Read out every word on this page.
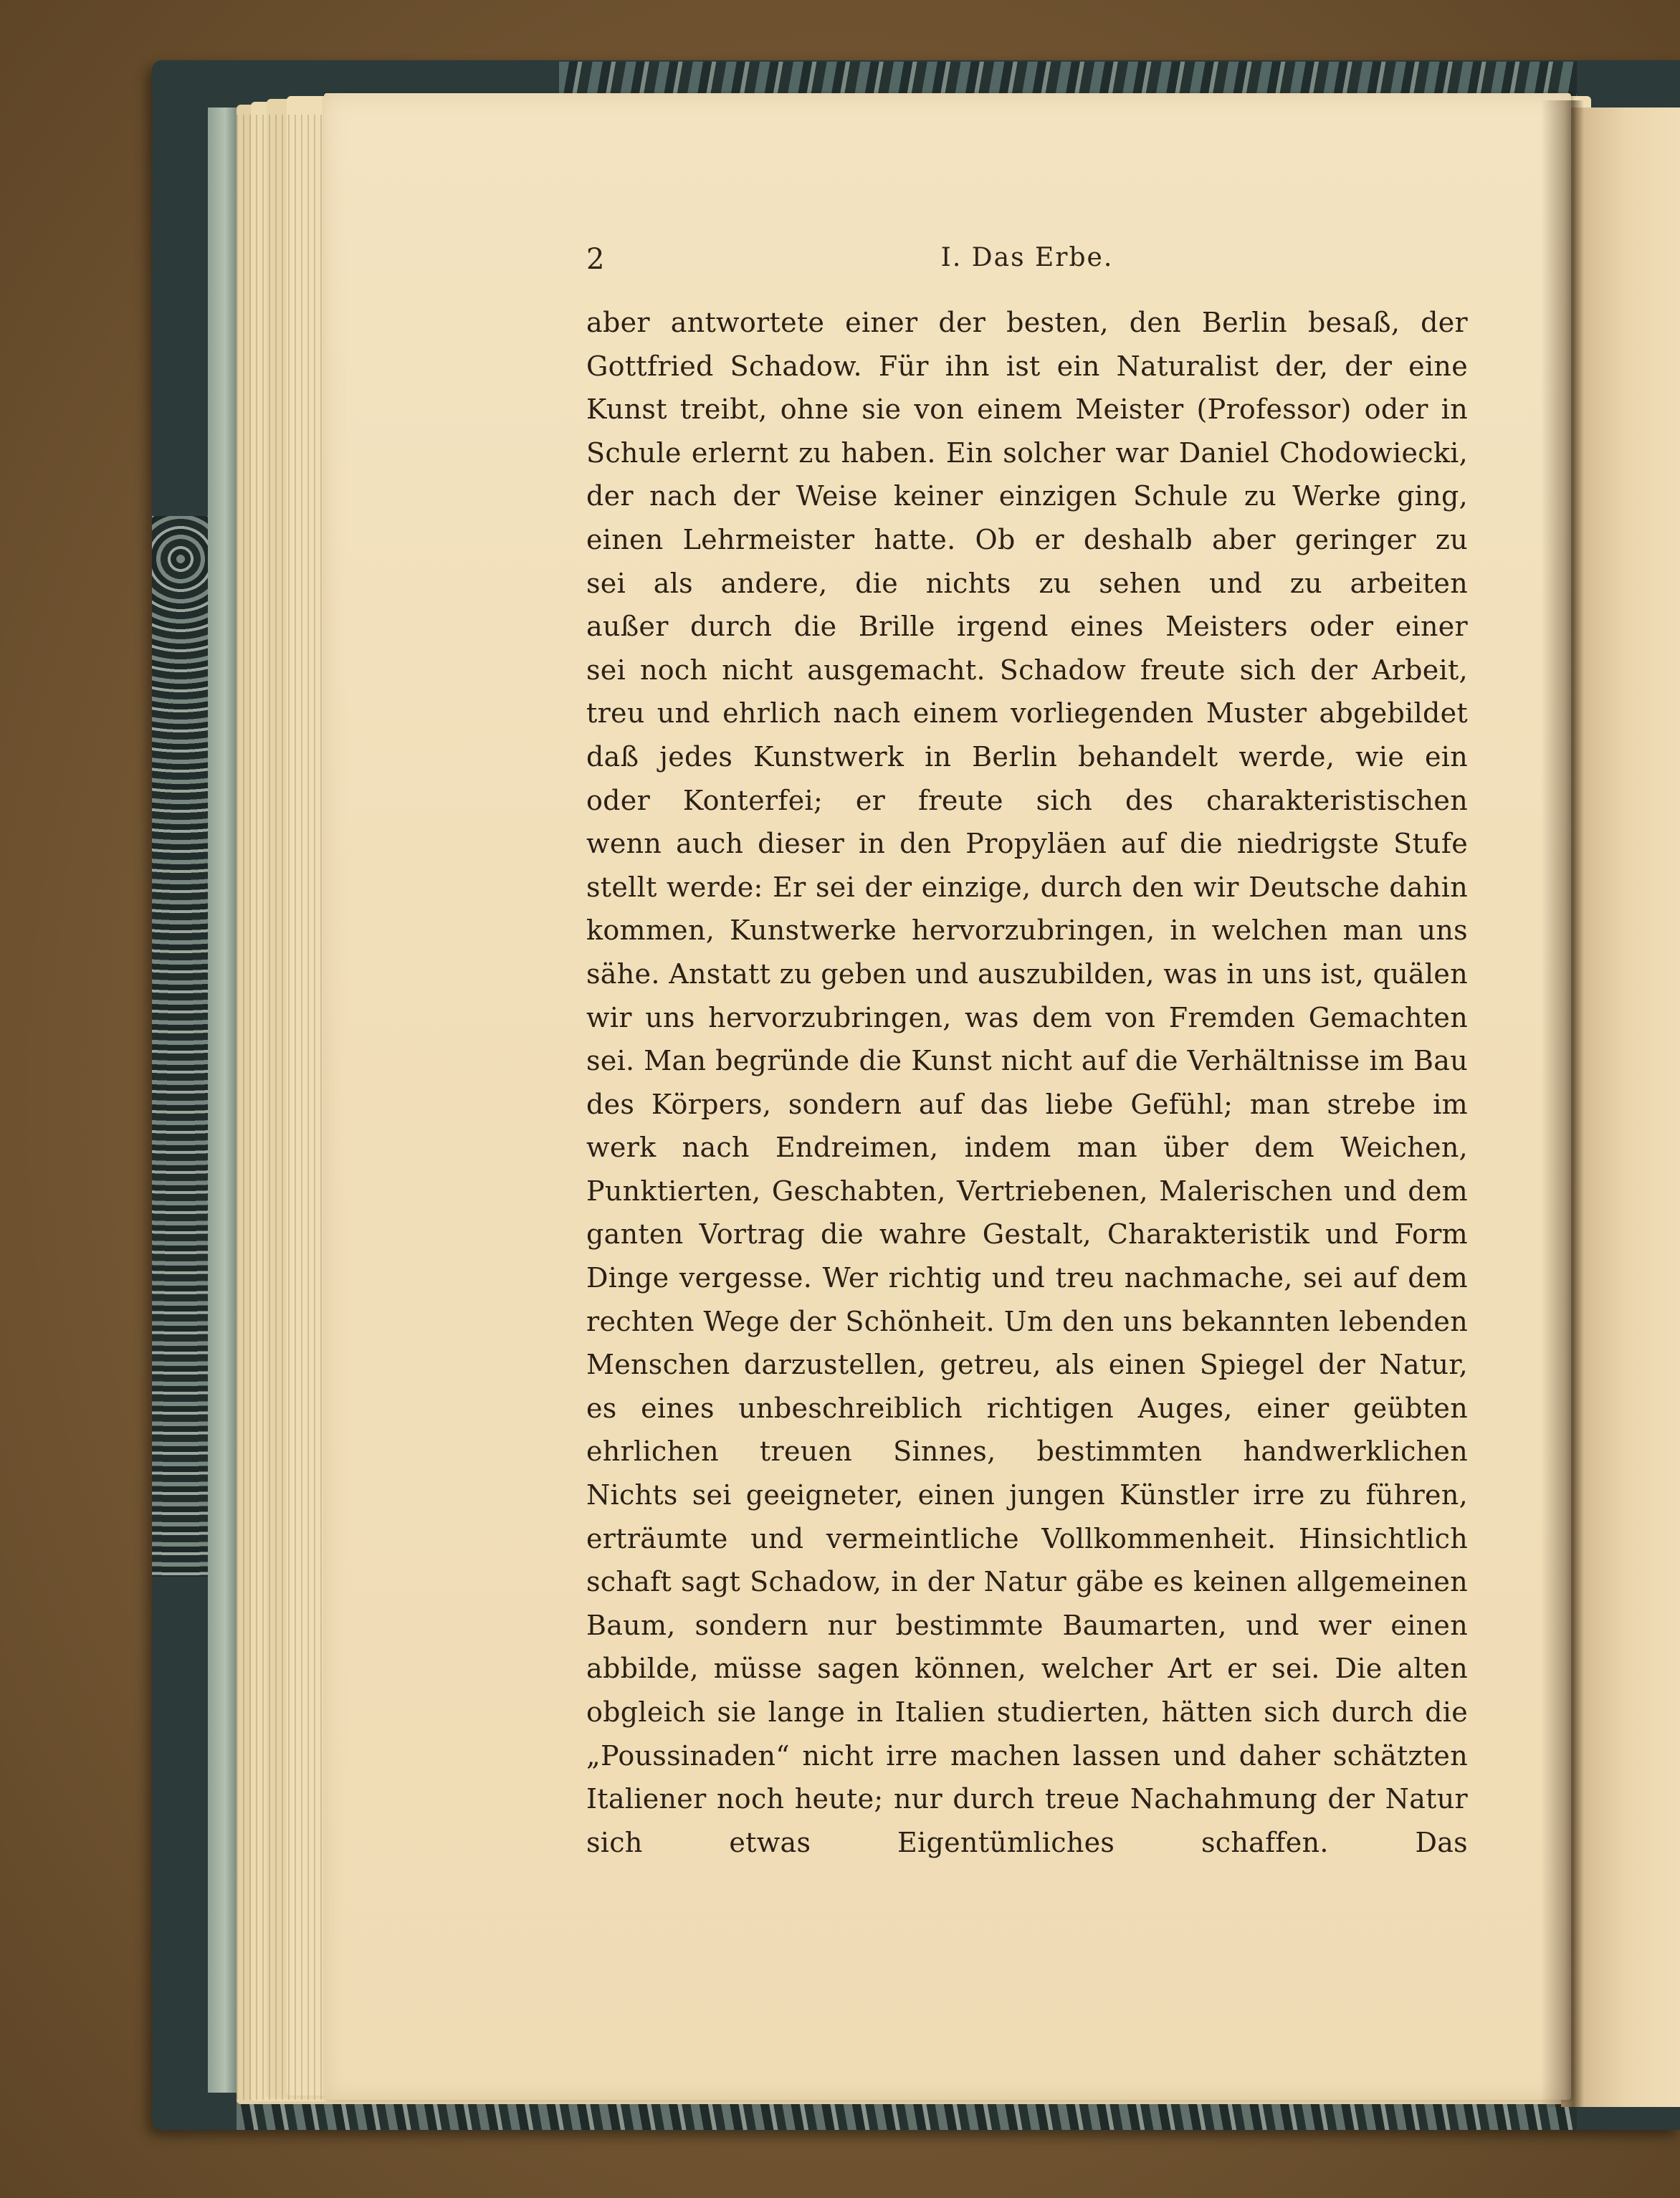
2	I. Das Erbe.
aber antwortete einer der besten, den Berlin besaß, der
Gottfried Schadow. Für ihn ist ein Naturalist der, der eine
Kunst treibt, ohne sie von einem Meister (Professor) oder in
Schule erlernt zu haben. Ein solcher war Daniel Chodowiecki,
der nach der Weise keiner einzigen Schule zu Werke ging,
einen Lehrmeister hatte. Ob er deshalb aber geringer zu
sei als andere, die nichts zu sehen und zu arbeiten
außer durch die Brille irgend eines Meisters oder einer
sei noch nicht ausgemacht. Schadow freute sich der Arbeit,
treu und ehrlich nach einem vorliegenden Muster abgebildet
daß jedes Kunstwerk in Berlin behandelt werde, wie ein
oder Konterfei; er freute sich des charakteristischen
wenn auch dieser in den Propyläen auf die niedrigste Stufe
stellt werde: Er sei der einzige, durch den wir Deutsche dahin
kommen, Kunstwerke hervorzubringen, in welchen man uns
sähe. Anstatt zu geben und auszubilden, was in uns ist, quälen
wir uns hervorzubringen, was dem von Fremden Gemachten
sei. Man begründe die Kunst nicht auf die Verhältnisse im Bau
des Körpers, sondern auf das liebe Gefühl; man strebe im
werk nach Endreimen, indem man über dem Weichen,
Punktierten, Geschabten, Vertriebenen, Malerischen und dem
ganten Vortrag die wahre Gestalt, Charakteristik und Form
Dinge vergesse. Wer richtig und treu nachmache, sei auf dem
rechten Wege der Schönheit. Um den uns bekannten lebenden
Menschen darzustellen, getreu, als einen Spiegel der Natur,
es eines unbeschreiblich richtigen Auges, einer geübten
ehrlichen treuen Sinnes, bestimmten handwerklichen
Nichts sei geeigneter, einen jungen Künstler irre zu führen,
erträumte und vermeintliche Vollkommenheit. Hinsichtlich
schaft sagt Schadow, in der Natur gäbe es keinen allgemeinen
Baum, sondern nur bestimmte Baumarten, und wer einen
abbilde, müsse sagen können, welcher Art er sei. Die alten
obgleich sie lange in Italien studierten, hätten sich durch die
„Poussinaden“ nicht irre machen lassen und daher schätzten
Italiener noch heute; nur durch treue Nachahmung der Natur
sich etwas Eigentümliches schaffen. Das
